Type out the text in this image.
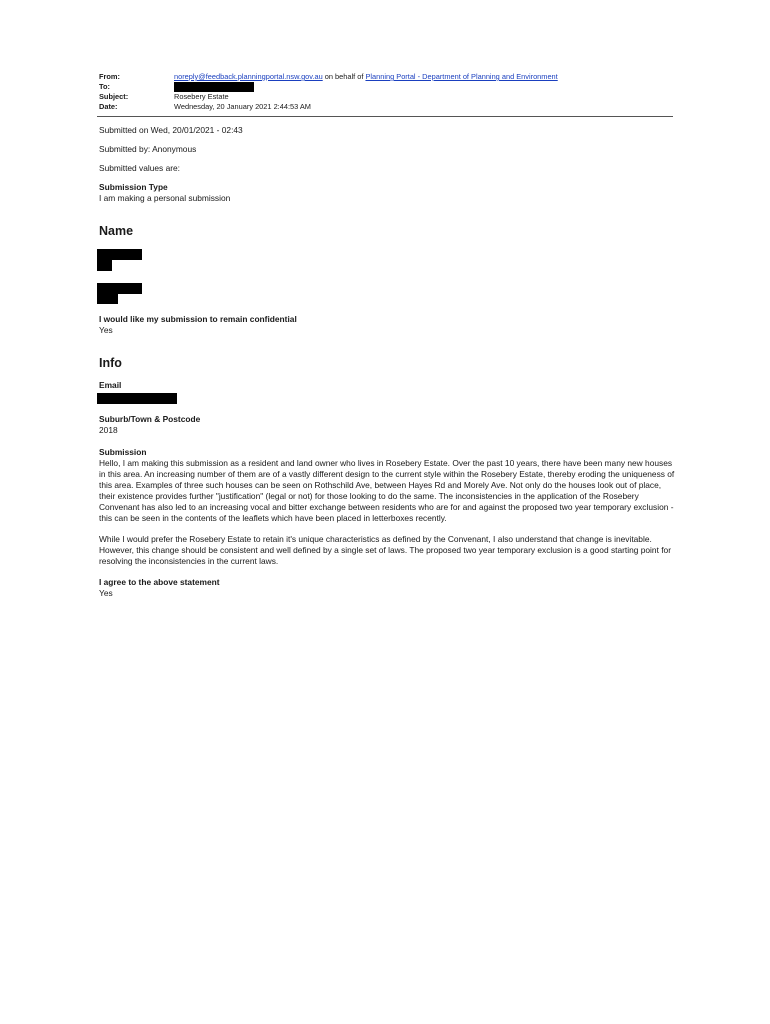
From:	noreply@feedback.planningportal.nsw.gov.au on behalf of Planning Portal - Department of Planning and Environment
To:
Subject:	Rosebery Estate
Date:	Wednesday, 20 January 2021 2:44:53 AM
Submitted on Wed, 20/01/2021 - 02:43
Submitted by: Anonymous
Submitted values are:
Submission Type
I am making a personal submission
Name
I would like my submission to remain confidential
Yes
Info
Email
Suburb/Town & Postcode
2018
Submission
Hello, I am making this submission as a resident and land owner who lives in Rosebery Estate. Over the past 10 years, there have been many new houses in this area. An increasing number of them are of a vastly different design to the current style within the Rosebery Estate, thereby eroding the uniqueness of this area. Examples of three such houses can be seen on Rothschild Ave, between Hayes Rd and Morely Ave. Not only do the houses look out of place, their existence provides further "justification" (legal or not) for those looking to do the same. The inconsistencies in the application of the Rosebery Convenant has also led to an increasing vocal and bitter exchange between residents who are for and against the proposed two year temporary exclusion - this can be seen in the contents of the leaflets which have been placed in letterboxes recently.
While I would prefer the Rosebery Estate to retain it's unique characteristics as defined by the Convenant, I also understand that change is inevitable. However, this change should be consistent and well defined by a single set of laws. The proposed two year temporary exclusion is a good starting point for resolving the inconsistencies in the current laws.
I agree to the above statement
Yes
